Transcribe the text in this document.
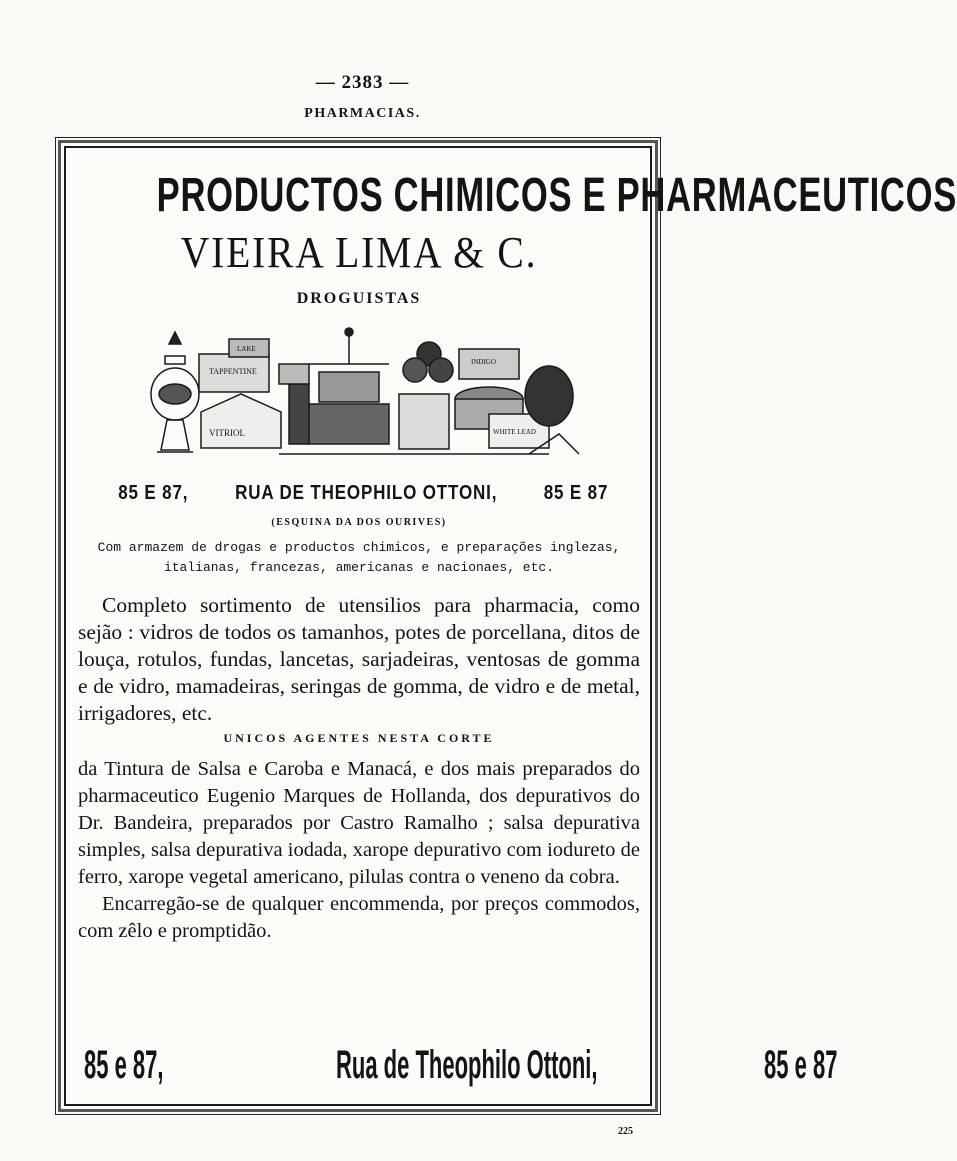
— 2383 —
PHARMACIAS.
PRODUCTOS CHIMICOS E PHARMACEUTICOS
VIEIRA LIMA & C.
DROGUISTAS
TAPPENTINE
LAKE
VITRIOL
INDIGO
WHITE LEAD
85 E 87, RUA DE THEOPHILO OTTONI, 85 E 87
(ESQUINA DA DOS OURIVES)

Com armazem de drogas e productos chimicos, e preparações inglezas, italianas, francezas, americanas e nacionaes, etc.

Completo sortimento de utensilios para pharmacia, como sejão : vidros de todos os tamanhos, potes de porcellana, ditos de louça, rotulos, fundas, lancetas, sarjadeiras, ventosas de gomma e de vidro, mamadeiras, seringas de gomma, de vidro e de metal, irrigadores, etc.

UNICOS AGENTES NESTA CORTE

da Tintura de Salsa e Caroba e Manacá, e dos mais preparados do pharmaceutico Eugenio Marques de Hollanda, dos depurativos do Dr. Bandeira, preparados por Castro Ramalho ; salsa depurativa simples, salsa depurativa iodada, xarope depurativo com iodureto de ferro, xarope vegetal americano, pilulas contra o veneno da cobra.

Encarregão-se de qualquer encommenda, por preços commodos, com zêlo e promptidão.

85 e 87,	Rua de Theophilo Ottoni,	85 e 87
225
